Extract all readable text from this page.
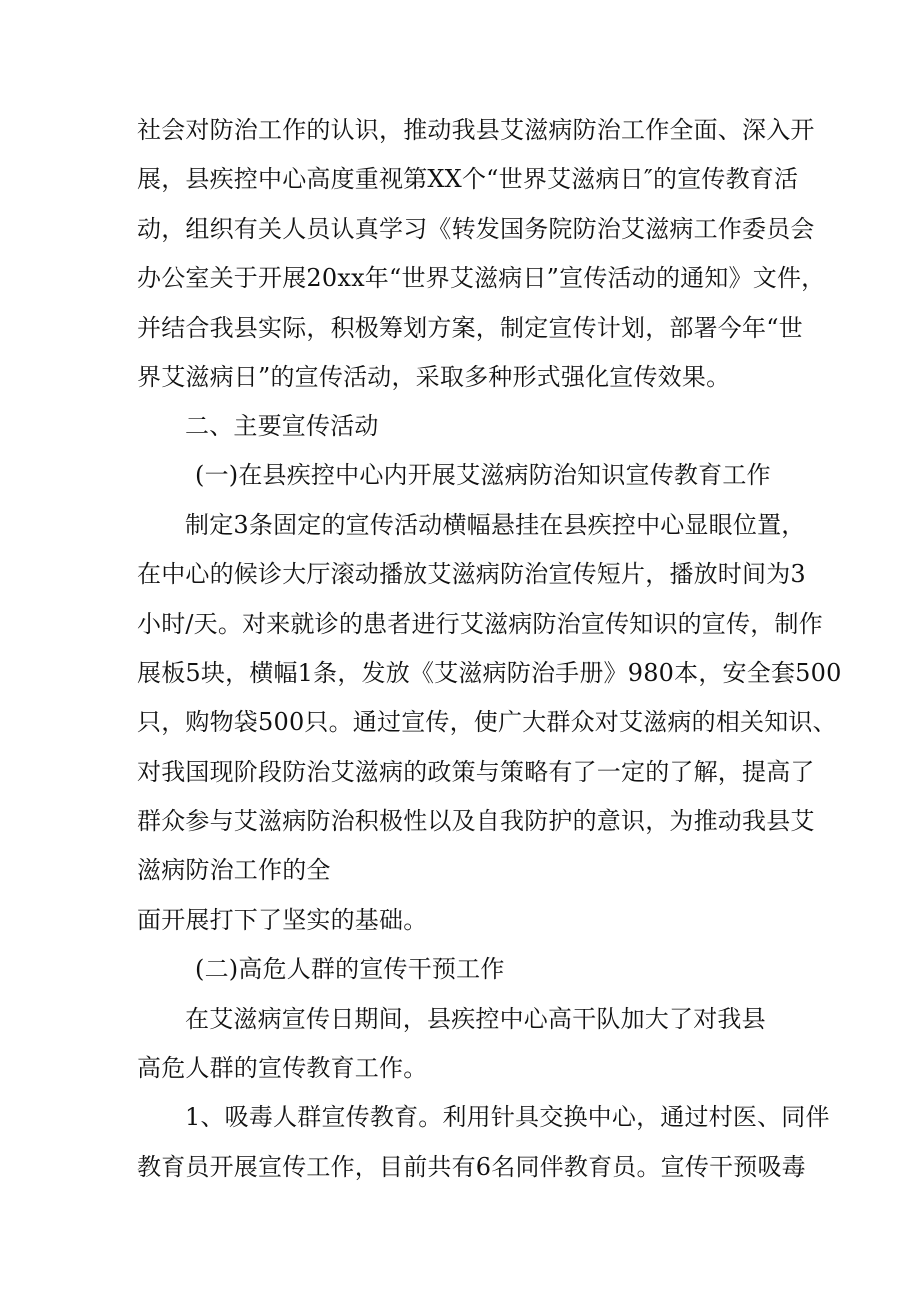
社会对防治工作的认识，推动我县艾滋病防治工作全面、深入开
展，县疾控中心高度重视第XX个“世界艾滋病日″的宣传教育活
动，组织有关人员认真学习《转发国务院防治艾滋病工作委员会
办公室关于开展20xx年“世界艾滋病日”宣传活动的通知》文件，
并结合我县实际，积极筹划方案，制定宣传计划，部署今年“世
界艾滋病日”的宣传活动，采取多种形式强化宣传效果。
二、主要宣传活动
(一)在县疾控中心内开展艾滋病防治知识宣传教育工作
制定3条固定的宣传活动横幅悬挂在县疾控中心显眼位置，
在中心的候诊大厅滚动播放艾滋病防治宣传短片，播放时间为3
小时/天。对来就诊的患者进行艾滋病防治宣传知识的宣传，制作
展板5块，横幅1条，发放《艾滋病防治手册》980本，安全套500
只，购物袋500只。通过宣传，使广大群众对艾滋病的相关知识、
对我国现阶段防治艾滋病的政策与策略有了一定的了解，提高了
群众参与艾滋病防治积极性以及自我防护的意识，为推动我县艾
滋病防治工作的全
面开展打下了坚实的基础。
(二)高危人群的宣传干预工作
在艾滋病宣传日期间，县疾控中心高干队加大了对我县
高危人群的宣传教育工作。
1、吸毒人群宣传教育。利用针具交换中心，通过村医、同伴
教育员开展宣传工作，目前共有6名同伴教育员。宣传干预吸毒
